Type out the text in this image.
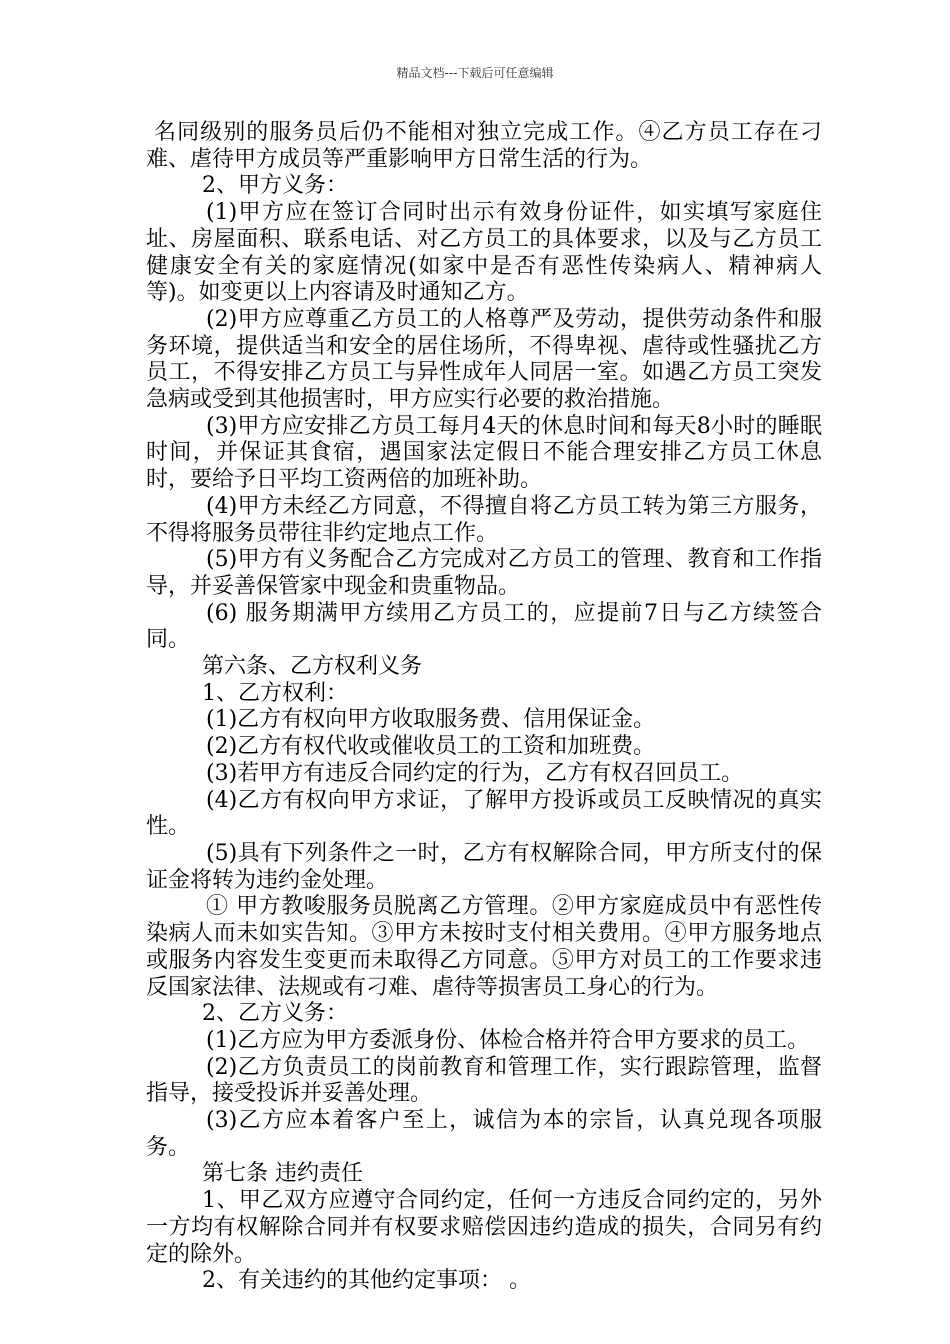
精品文档---下载后可任意编辑

名同级别的服务员后仍不能相对独立完成工作。④乙方员工存在刁难、虐待甲方成员等严重影响甲方日常生活的行为。

2、甲方义务：

(1)甲方应在签订合同时出示有效身份证件，如实填写家庭住址、房屋面积、联系电话、对乙方员工的具体要求，以及与乙方员工健康安全有关的家庭情况(如家中是否有恶性传染病人、精神病人等)。如变更以上内容请及时通知乙方。

(2)甲方应尊重乙方员工的人格尊严及劳动，提供劳动条件和服务环境，提供适当和安全的居住场所，不得卑视、虐待或性骚扰乙方员工，不得安排乙方员工与异性成年人同居一室。如遇乙方员工突发急病或受到其他损害时，甲方应实行必要的救治措施。

(3)甲方应安排乙方员工每月4天的休息时间和每天8小时的睡眠时间，并保证其食宿，遇国家法定假日不能合理安排乙方员工休息时，要给予日平均工资两倍的加班补助。

(4)甲方未经乙方同意，不得擅自将乙方员工转为第三方服务，不得将服务员带往非约定地点工作。

(5)甲方有义务配合乙方完成对乙方员工的管理、教育和工作指导，并妥善保管家中现金和贵重物品。

(6) 服务期满甲方续用乙方员工的，应提前7日与乙方续签合同。

第六条、乙方权利义务

1、乙方权利：

(1)乙方有权向甲方收取服务费、信用保证金。

(2)乙方有权代收或催收员工的工资和加班费。

(3)若甲方有违反合同约定的行为，乙方有权召回员工。

(4)乙方有权向甲方求证，了解甲方投诉或员工反映情况的真实性。

(5)具有下列条件之一时，乙方有权解除合同，甲方所支付的保证金将转为违约金处理。

① 甲方教唆服务员脱离乙方管理。②甲方家庭成员中有恶性传染病人而未如实告知。③甲方未按时支付相关费用。④甲方服务地点或服务内容发生变更而未取得乙方同意。⑤甲方对员工的工作要求违反国家法律、法规或有刁难、虐待等损害员工身心的行为。

2、乙方义务：

(1)乙方应为甲方委派身份、体检合格并符合甲方要求的员工。

(2)乙方负责员工的岗前教育和管理工作，实行跟踪管理，监督指导，接受投诉并妥善处理。

(3)乙方应本着客户至上，诚信为本的宗旨，认真兑现各项服务。

第七条 违约责任

1、甲乙双方应遵守合同约定，任何一方违反合同约定的，另外一方均有权解除合同并有权要求赔偿因违约造成的损失，合同另有约定的除外。

2、有关违约的其他约定事项： 。
